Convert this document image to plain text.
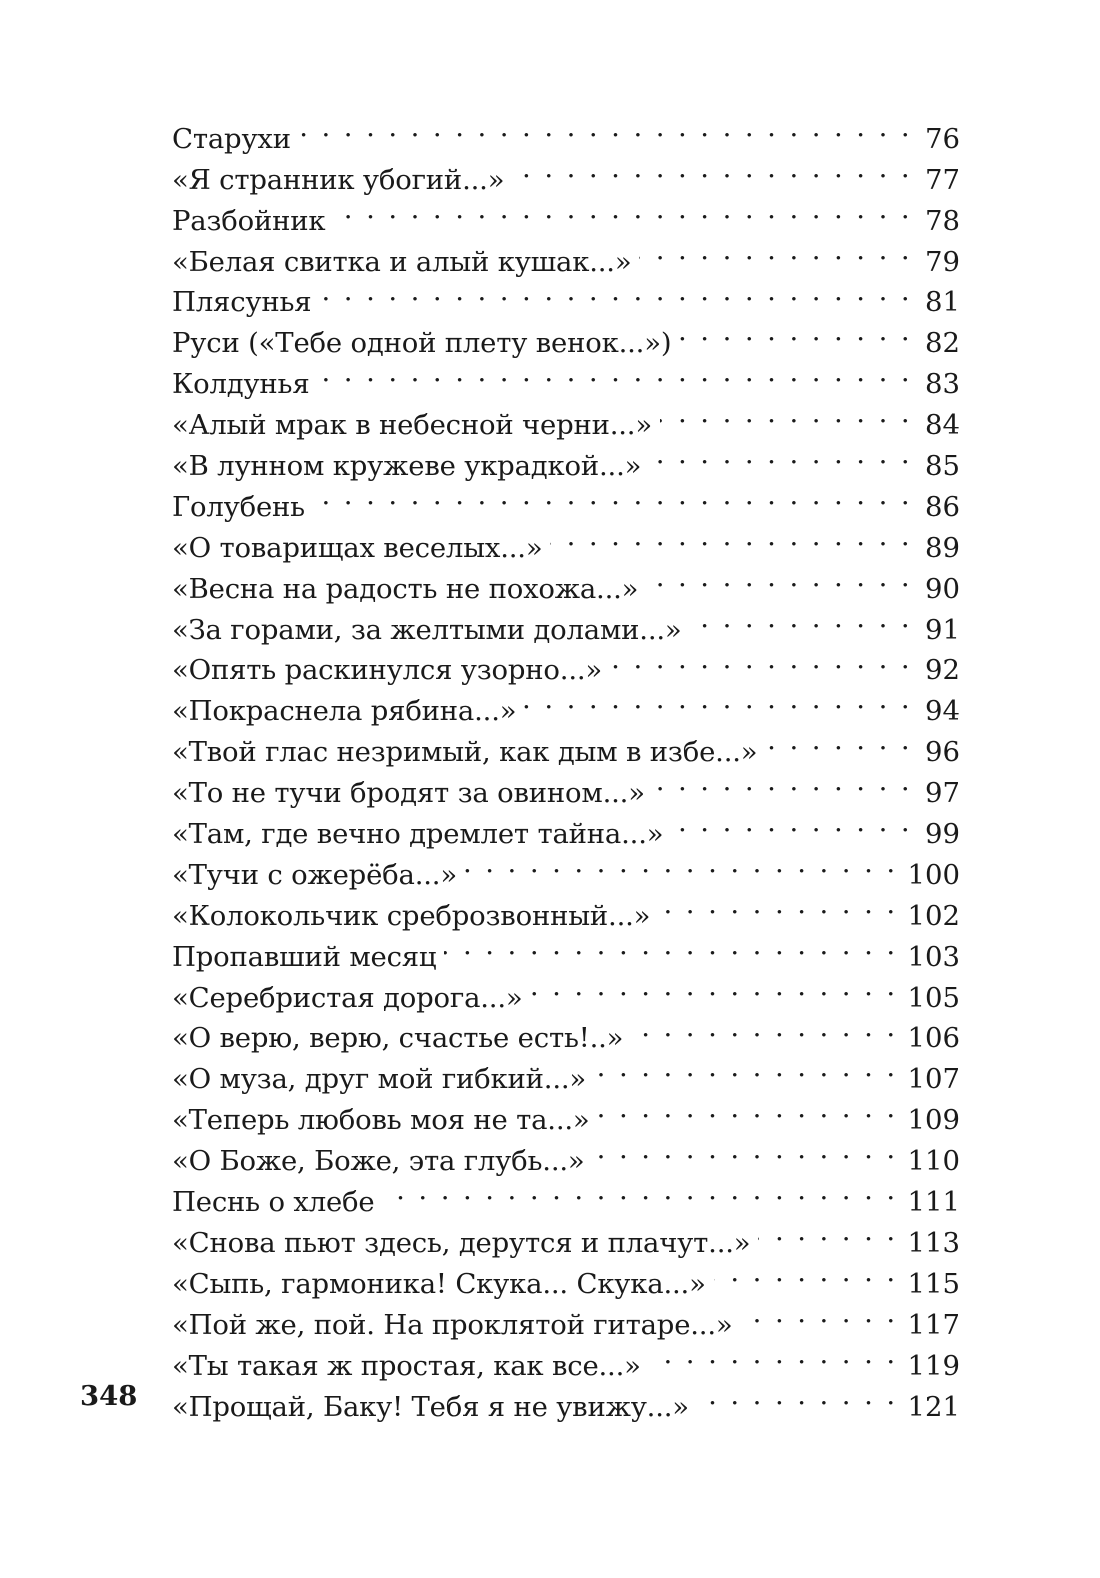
Старухи . . .	76
«Я странник убогий...» . . .	77
Разбойник . . .	78
«Белая свитка и алый кушак...» . . .	79
Плясунья . . .	81
Руси («Тебе одной плету венок...») . . .	82
Колдунья . . .	83
«Алый мрак в небесной черни...» . . .	84
«В лунном кружеве украдкой...» . . .	85
Голубень . . .	86
«О товарищах веселых...» . . .	89
«Весна на радость не похожа...» . . .	90
«За горами, за желтыми долами...» . . .	91
«Опять раскинулся узорно...» . . .	92
«Покраснела рябина...» . . .	94
«Твой глас незримый, как дым в избе...» . . .	96
«То не тучи бродят за овином...» . . .	97
«Там, где вечно дремлет тайна...» . . .	99
«Тучи с ожерёба...» . . .	100
«Колокольчик среброзвонный...» . . .	102
Пропавший месяц . . .	103
«Серебристая дорога...» . . .	105
«О верю, верю, счастье есть!..» . . .	106
«О муза, друг мой гибкий...» . . .	107
«Теперь любовь моя не та...» . . .	109
«О Боже, Боже, эта глубь...» . . .	110
Песнь о хлебе . . .	111
«Снова пьют здесь, дерутся и плачут...» . . .	113
«Сыпь, гармоника! Скука... Скука...» . . .	115
«Пой же, пой. На проклятой гитаре...» . . .	117
«Ты такая ж простая, как все...» . . .	119
«Прощай, Баку! Тебя я не увижу...» . . .	121
348
